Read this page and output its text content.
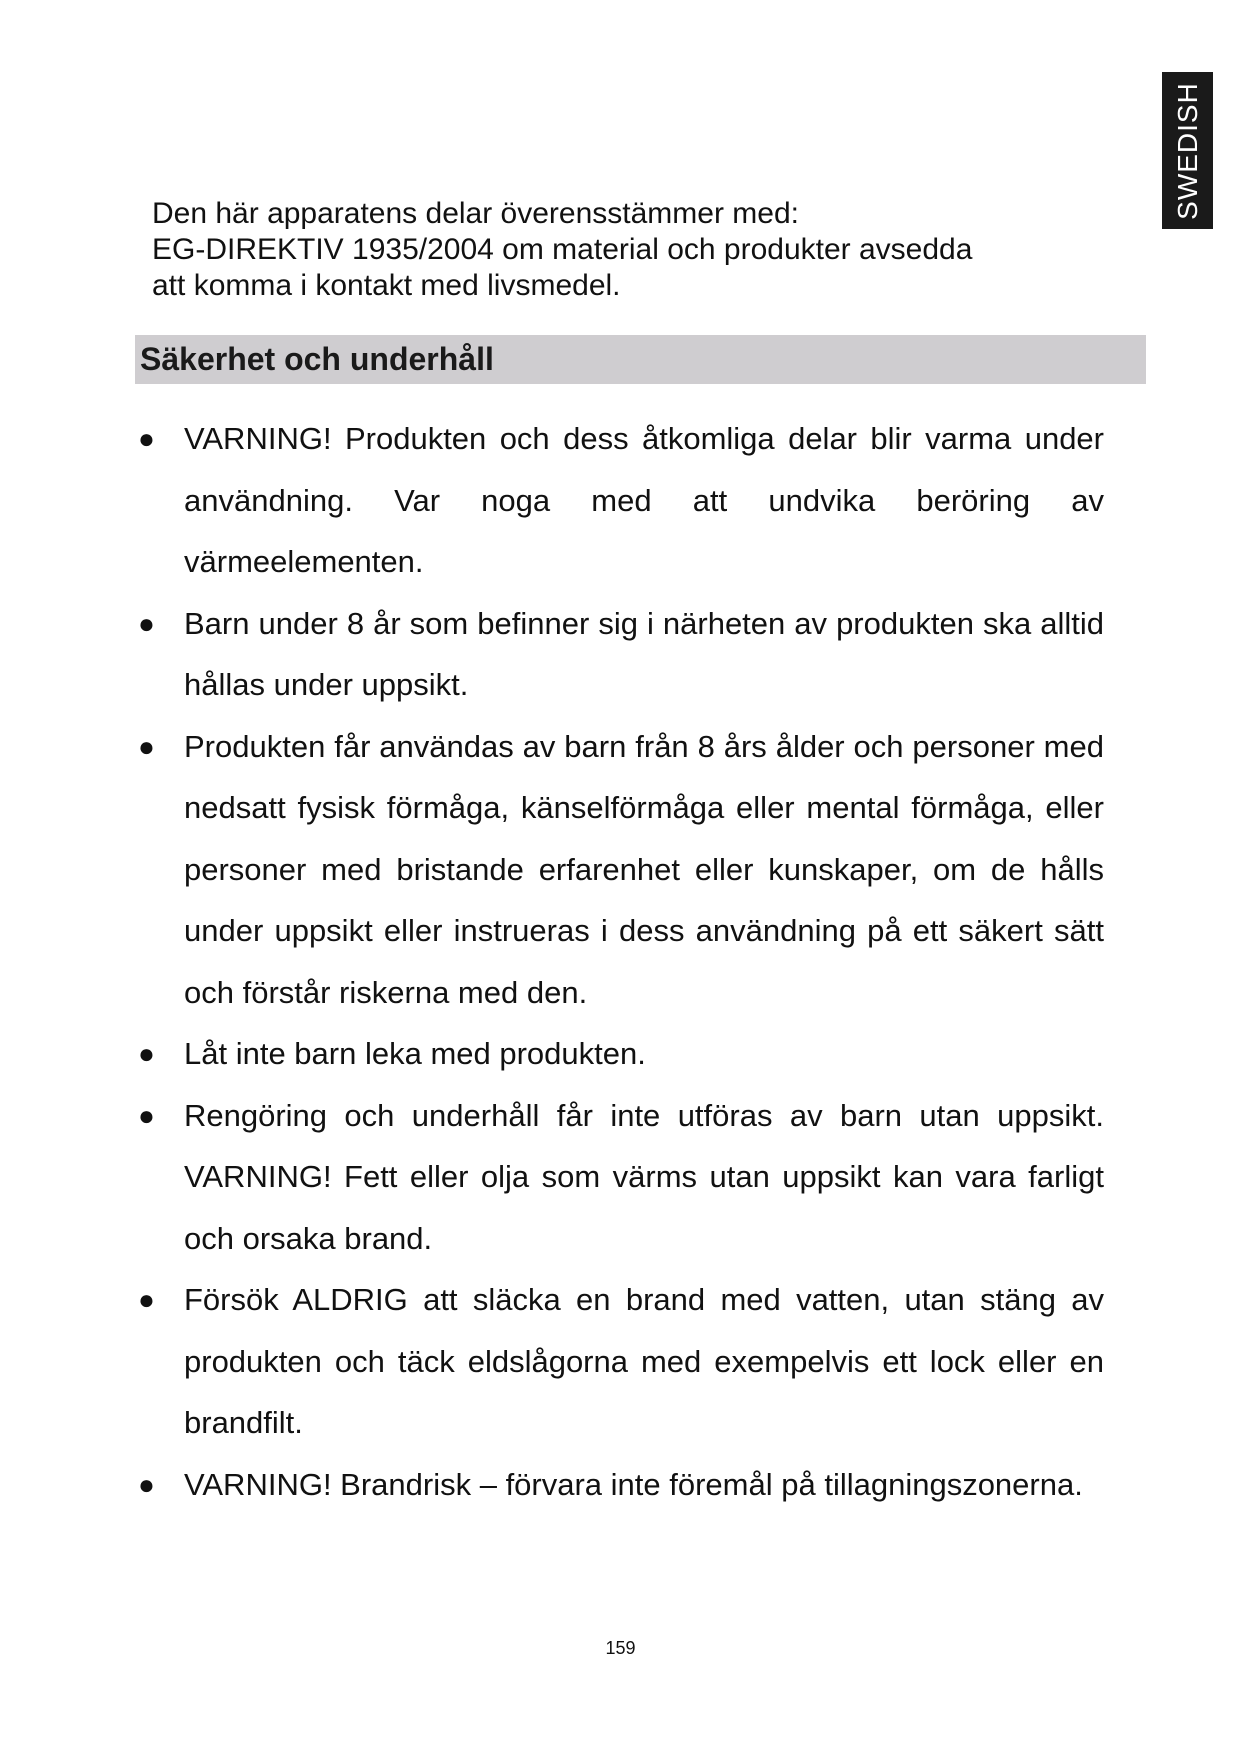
SWEDISH
Den här apparatens delar överensstämmer med:
EG-DIREKTIV 1935/2004 om material och produkter avsedda
att komma i kontakt med livsmedel.
Säkerhet och underhåll
● VARNING! Produkten och dess åtkomliga delar blir varma under användning. Var noga med att undvika beröring av värmeelementen.
● Barn under 8 år som befinner sig i närheten av produkten ska alltid hållas under uppsikt.
● Produkten får användas av barn från 8 års ålder och personer med nedsatt fysisk förmåga, känselförmåga eller mental förmåga, eller personer med bristande erfarenhet eller kunskaper, om de hålls under uppsikt eller instrueras i dess användning på ett säkert sätt och förstår riskerna med den.
● Låt inte barn leka med produkten.
● Rengöring och underhåll får inte utföras av barn utan uppsikt. VARNING! Fett eller olja som värms utan uppsikt kan vara farligt och orsaka brand.
● Försök ALDRIG att släcka en brand med vatten, utan stäng av produkten och täck eldslågorna med exempelvis ett lock eller en brandfilt.
● VARNING! Brandrisk – förvara inte föremål på tillagningszonerna.
159
